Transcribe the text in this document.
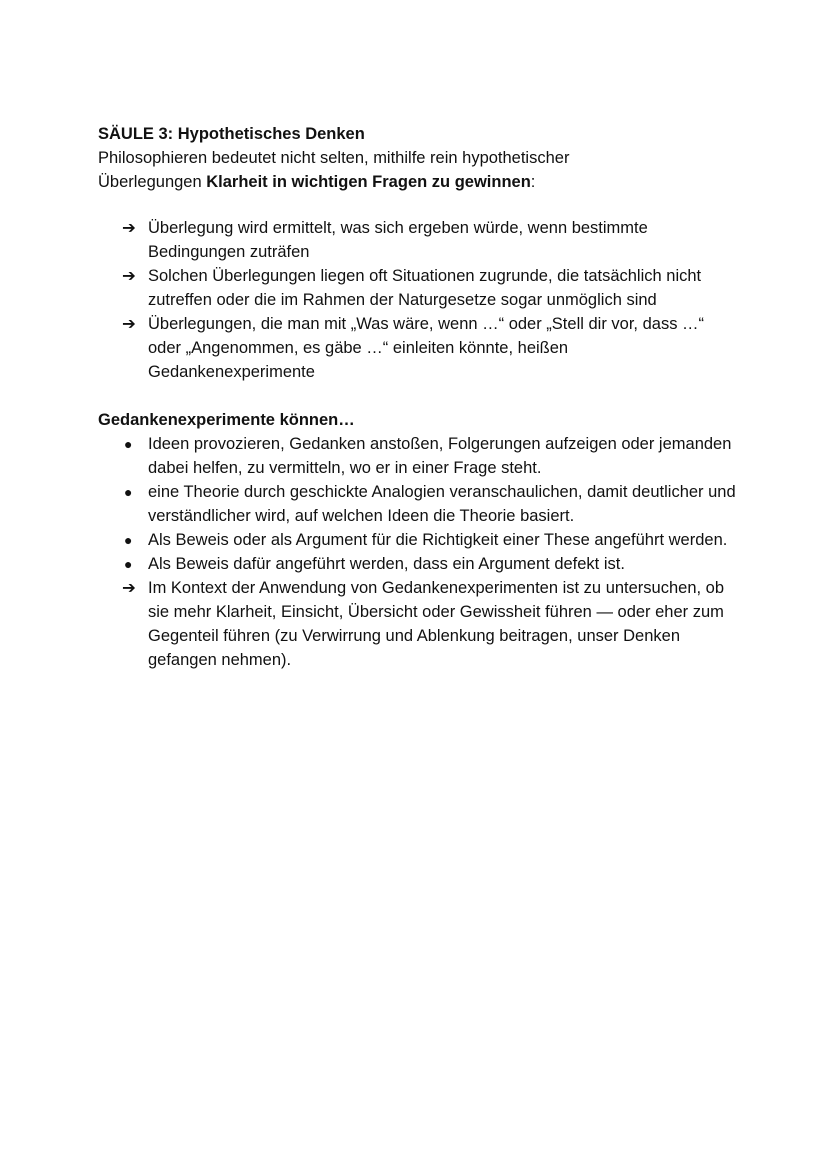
SÄULE 3: Hypothetisches Denken

Philosophieren bedeutet nicht selten, mithilfe rein hypothetischer
Überlegungen Klarheit in wichtigen Fragen zu gewinnen:

➔ Überlegung wird ermittelt, was sich ergeben würde, wenn bestimmte Bedingungen zuträfen
➔ Solchen Überlegungen liegen oft Situationen zugrunde, die tatsächlich nicht zutreffen oder die im Rahmen der Naturgesetze sogar unmöglich sind
➔ Überlegungen, die man mit „Was wäre, wenn …“ oder „Stell dir vor, dass …“ oder „Angenommen, es gäbe …“ einleiten könnte, heißen Gedankenexperimente

Gedankenexperimente können…

● Ideen provozieren, Gedanken anstoßen, Folgerungen aufzeigen oder jemanden dabei helfen, zu vermitteln, wo er in einer Frage steht.
● eine Theorie durch geschickte Analogien veranschaulichen, damit deutlicher und verständlicher wird, auf welchen Ideen die Theorie basiert.
● Als Beweis oder als Argument für die Richtigkeit einer These angeführt werden.
● Als Beweis dafür angeführt werden, dass ein Argument defekt ist.
➔ Im Kontext der Anwendung von Gedankenexperimenten ist zu untersuchen, ob sie mehr Klarheit, Einsicht, Übersicht oder Gewissheit führen — oder eher zum Gegenteil führen (zu Verwirrung und Ablenkung beitragen, unser Denken gefangen nehmen).
